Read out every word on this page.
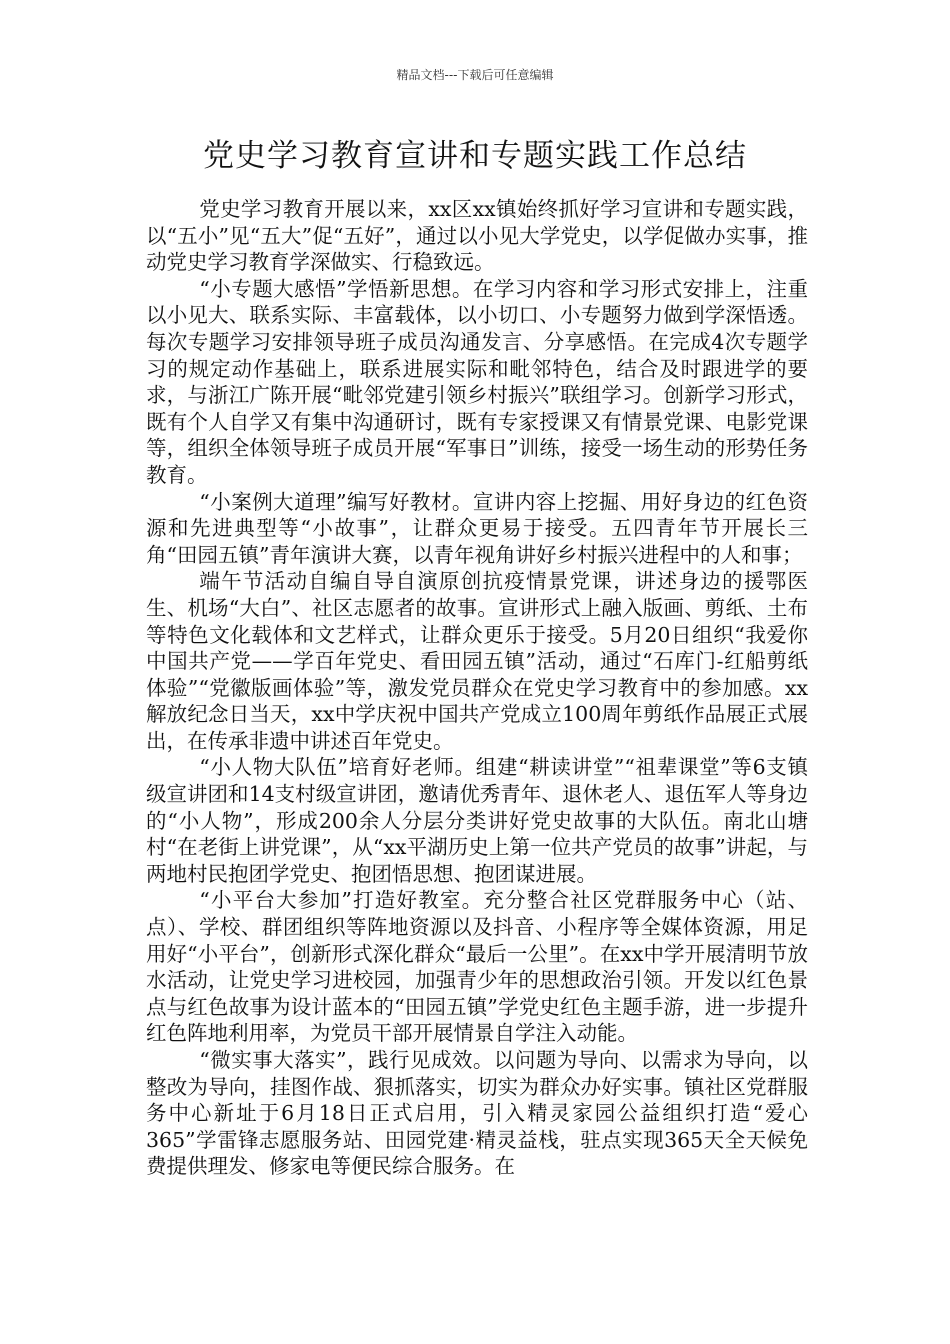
精品文档---下载后可任意编辑
党史学习教育宣讲和专题实践工作总结

党史学习教育开展以来，xx区xx镇始终抓好学习宣讲和专题实践，以“五小”见“五大”促“五好”，通过以小见大学党史，以学促做办实事，推动党史学习教育学深做实、行稳致远。

“小专题大感悟”学悟新思想。在学习内容和学习形式安排上，注重以小见大、联系实际、丰富载体，以小切口、小专题努力做到学深悟透。每次专题学习安排领导班子成员沟通发言、分享感悟。在完成4次专题学习的规定动作基础上，联系进展实际和毗邻特色，结合及时跟进学的要求，与浙江广陈开展“毗邻党建引领乡村振兴”联组学习。创新学习形式，既有个人自学又有集中沟通研讨，既有专家授课又有情景党课、电影党课等，组织全体领导班子成员开展“军事日”训练，接受一场生动的形势任务教育。

“小案例大道理”编写好教材。宣讲内容上挖掘、用好身边的红色资源和先进典型等“小故事”，让群众更易于接受。五四青年节开展长三角“田园五镇”青年演讲大赛，以青年视角讲好乡村振兴进程中的人和事；

端午节活动自编自导自演原创抗疫情景党课，讲述身边的援鄂医生、机场“大白”、社区志愿者的故事。宣讲形式上融入版画、剪纸、土布等特色文化载体和文艺样式，让群众更乐于接受。5月20日组织“我爱你中国共产党——学百年党史、看田园五镇”活动，通过“石库门-红船剪纸体验”“党徽版画体验”等，激发党员群众在党史学习教育中的参加感。xx解放纪念日当天，xx中学庆祝中国共产党成立100周年剪纸作品展正式展出，在传承非遗中讲述百年党史。

“小人物大队伍”培育好老师。组建“耕读讲堂”“祖辈课堂”等6支镇级宣讲团和14支村级宣讲团，邀请优秀青年、退休老人、退伍军人等身边的“小人物”，形成200余人分层分类讲好党史故事的大队伍。南北山塘村“在老街上讲党课”，从“xx平湖历史上第一位共产党员的故事”讲起，与两地村民抱团学党史、抱团悟思想、抱团谋进展。

“小平台大参加”打造好教室。充分整合社区党群服务中心（站、点）、学校、群团组织等阵地资源以及抖音、小程序等全媒体资源，用足用好“小平台”，创新形式深化群众“最后一公里”。在xx中学开展清明节放水活动，让党史学习进校园，加强青少年的思想政治引领。开发以红色景点与红色故事为设计蓝本的“田园五镇”学党史红色主题手游，进一步提升红色阵地利用率，为党员干部开展情景自学注入动能。

“微实事大落实”，践行见成效。以问题为导向、以需求为导向，以整改为导向，挂图作战、狠抓落实，切实为群众办好实事。镇社区党群服务中心新址于6月18日正式启用，引入精灵家园公益组织打造“爱心365”学雷锋志愿服务站、田园党建·精灵益栈，驻点实现365天全天候免费提供理发、修家电等便民综合服务。在
